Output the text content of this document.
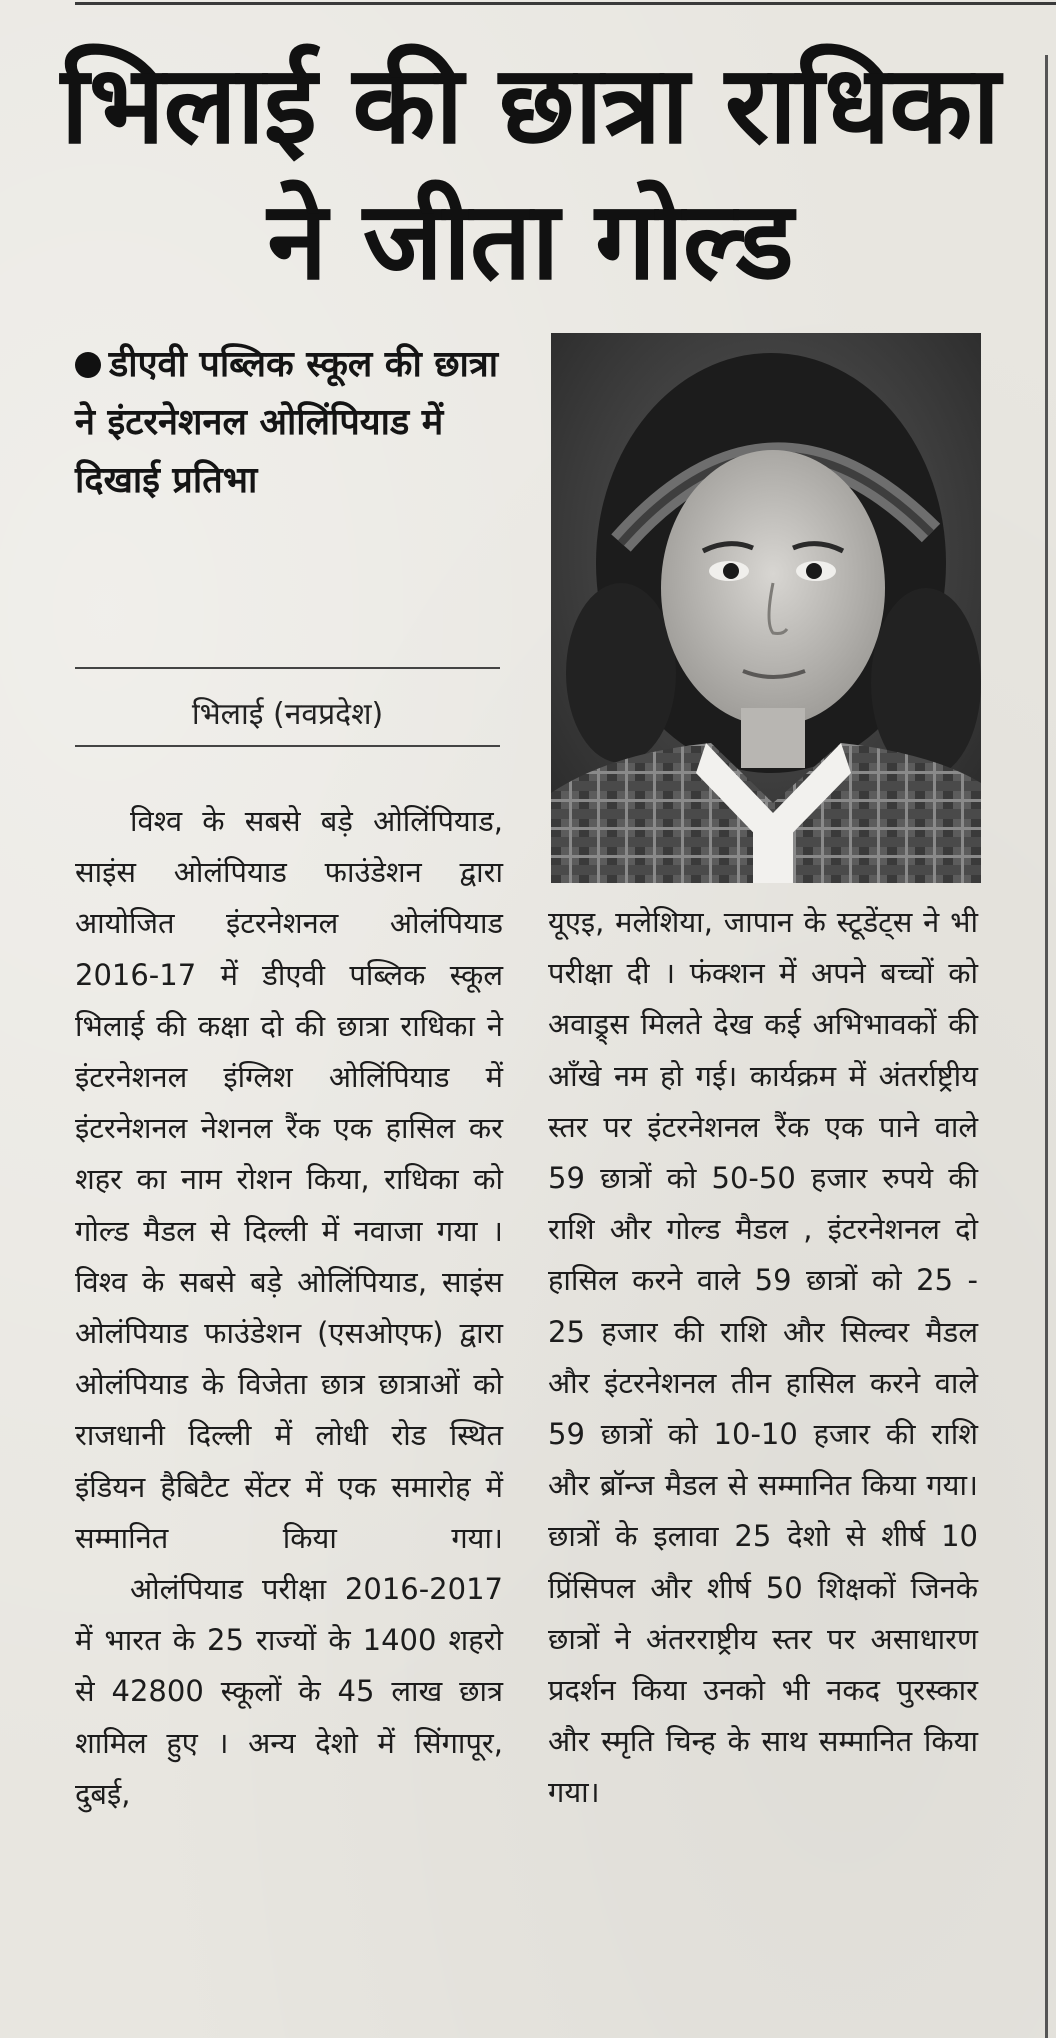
भिलाई की छात्रा राधिका
ने जीता गोल्ड
डीएवी पब्लिक स्कूल की छात्रा ने इंटरनेशनल ओलिंपियाड में दिखाई प्रतिभा
भिलाई (नवप्रदेश)

विश्व के सबसे बड़े ओलिंपियाड, साइंस ओलंपियाड फाउंडेशन द्वारा आयोजित इंटरनेशनल ओलंपियाड 2016-17 में डीएवी पब्लिक स्कूल भिलाई की कक्षा दो की छात्रा राधिका ने इंटरनेशनल इंग्लिश ओलिंपियाड में इंटरनेशनल नेशनल रैंक एक हासिल कर शहर का नाम रोशन किया, राधिका को गोल्ड मैडल से दिल्ली में नवाजा गया । विश्व के सबसे बड़े ओलिंपियाड, साइंस ओलंपियाड फाउंडेशन (एसओएफ) द्वारा ओलंपियाड के विजेता छात्र छात्राओं को राजधानी दिल्ली में लोधी रोड स्थित इंडियन हैबिटैट सेंटर में एक समारोह में सम्मानित किया गया।

ओलंपियाड परीक्षा 2016-2017 में भारत के 25 राज्यों के 1400 शहरो से 42800 स्कूलों के 45 लाख छात्र शामिल हुए । अन्य देशो में सिंगापूर, दुबई,

यूएइ, मलेशिया, जापान के स्टूडेंट्स ने भी परीक्षा दी । फंक्शन में अपने बच्चों को अवाड्र्स मिलते देख कई अभिभावकों की आँखे नम हो गई। कार्यक्रम में अंतर्राष्ट्रीय स्तर पर इंटरनेशनल रैंक एक पाने वाले 59 छात्रों को 50-50 हजार रुपये की राशि और गोल्ड मैडल , इंटरनेशनल दो हासिल करने वाले 59 छात्रों को 25 - 25 हजार की राशि और सिल्वर मैडल और इंटरनेशनल तीन हासिल करने वाले 59 छात्रों को 10-10 हजार की राशि और ब्रॉन्ज मैडल से सम्मानित किया गया। छात्रों के इलावा 25 देशो से शीर्ष 10 प्रिंसिपल और शीर्ष 50 शिक्षकों जिनके छात्रों ने अंतरराष्ट्रीय स्तर पर असाधारण प्रदर्शन किया उनको भी नकद पुरस्कार और स्मृति चिन्ह के साथ सम्मानित किया गया।
